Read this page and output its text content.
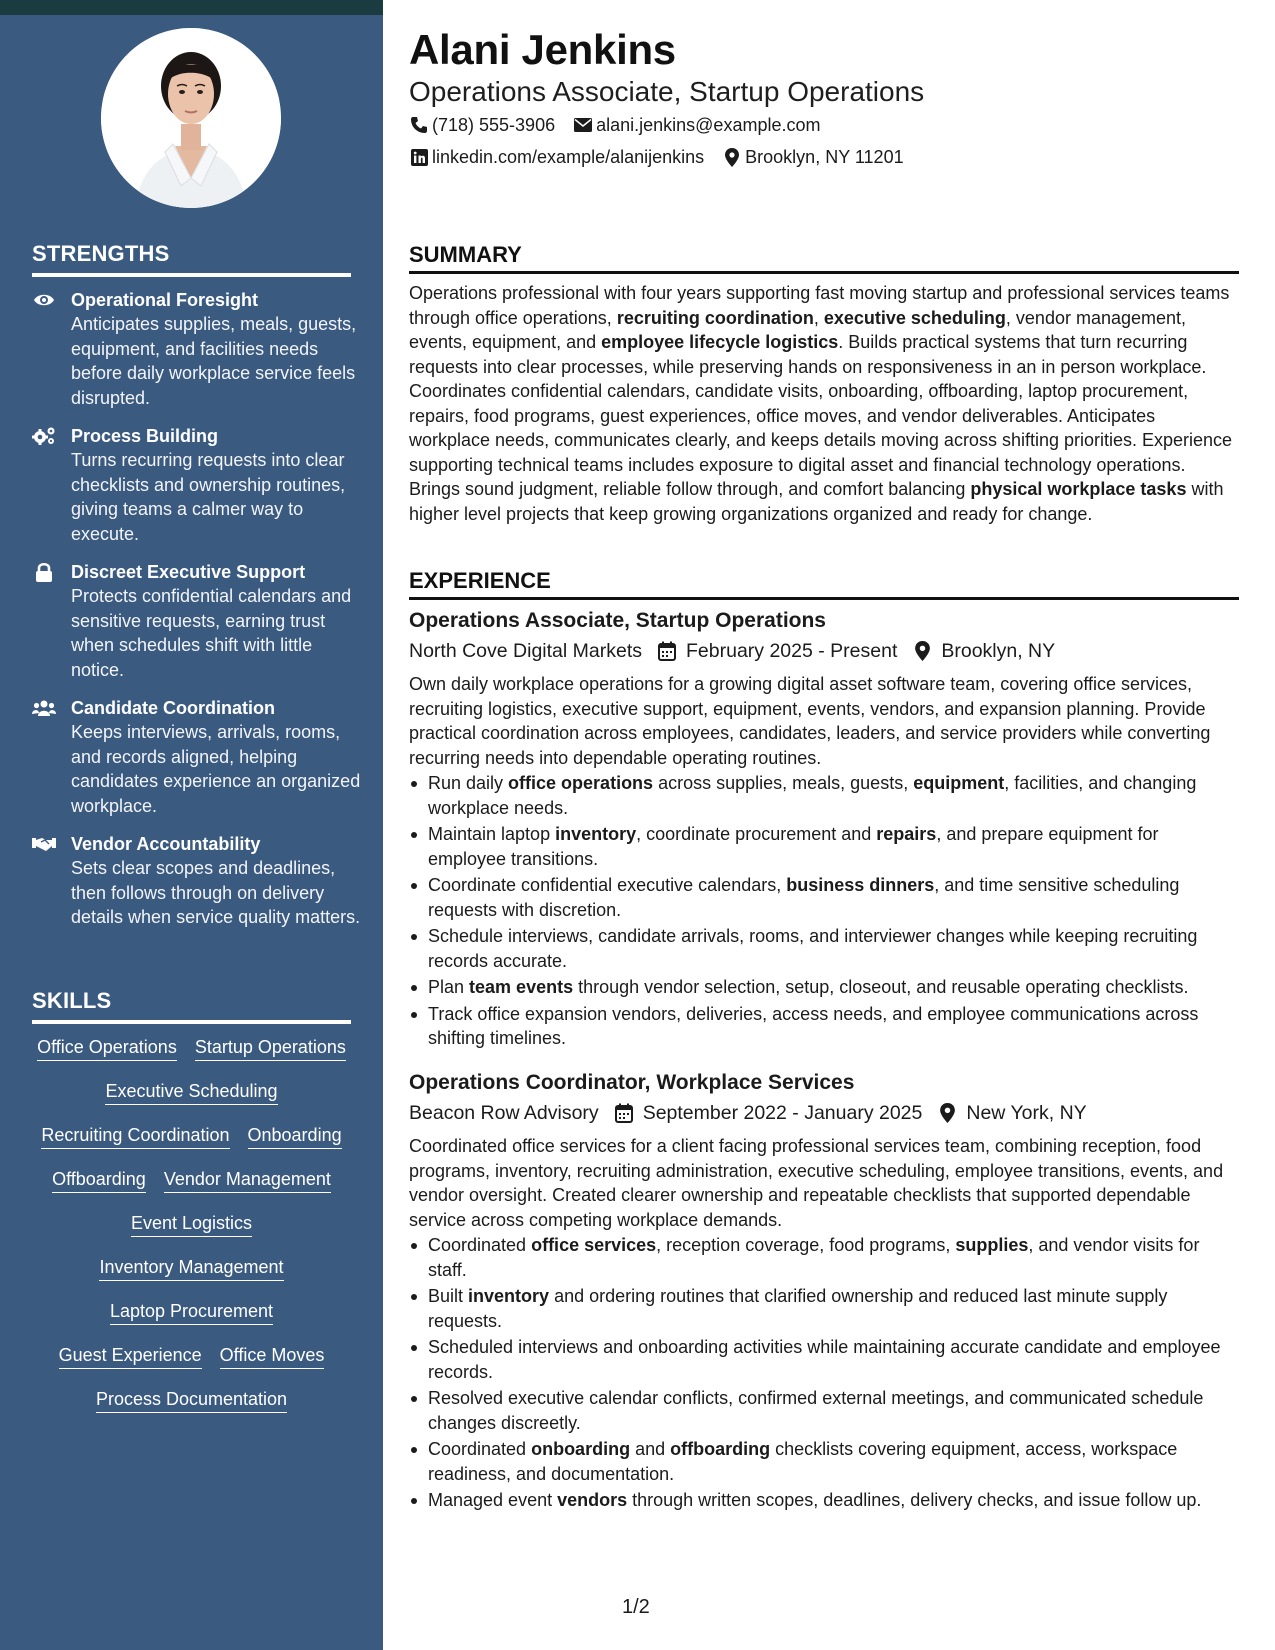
STRENGTHS
Operational Foresight
Anticipates supplies, meals, guests, equipment, and facilities needs before daily workplace service feels disrupted.
Process Building
Turns recurring requests into clear checklists and ownership routines, giving teams a calmer way to execute.
Discreet Executive Support
Protects confidential calendars and sensitive requests, earning trust when schedules shift with little notice.
Candidate Coordination
Keeps interviews, arrivals, rooms, and records aligned, helping candidates experience an organized workplace.
Vendor Accountability
Sets clear scopes and deadlines, then follows through on delivery details when service quality matters.
SKILLS
Office Operations Startup Operations
Executive Scheduling
Recruiting Coordination Onboarding
Offboarding Vendor Management
Event Logistics
Inventory Management
Laptop Procurement
Guest Experience Office Moves
Process Documentation
Alani Jenkins
Operations Associate, Startup Operations
(718) 555-3906 alani.jenkins@example.com
linkedin.com/example/alanijenkins Brooklyn, NY 11201
SUMMARY
Operations professional with four years supporting fast moving startup and professional services teams through office operations, recruiting coordination, executive scheduling, vendor management, events, equipment, and employee lifecycle logistics. Builds practical systems that turn recurring requests into clear processes, while preserving hands on responsiveness in an in person workplace. Coordinates confidential calendars, candidate visits, onboarding, offboarding, laptop procurement, repairs, food programs, guest experiences, office moves, and vendor deliverables. Anticipates workplace needs, communicates clearly, and keeps details moving across shifting priorities. Experience supporting technical teams includes exposure to digital asset and financial technology operations. Brings sound judgment, reliable follow through, and comfort balancing physical workplace tasks with higher level projects that keep growing organizations organized and ready for change.
EXPERIENCE
Operations Associate, Startup Operations
North Cove Digital Markets February 2025 - Present Brooklyn, NY
Own daily workplace operations for a growing digital asset software team, covering office services, recruiting logistics, executive support, equipment, events, vendors, and expansion planning. Provide practical coordination across employees, candidates, leaders, and service providers while converting recurring needs into dependable operating routines.
Run daily office operations across supplies, meals, guests, equipment, facilities, and changing workplace needs.
Maintain laptop inventory, coordinate procurement and repairs, and prepare equipment for employee transitions.
Coordinate confidential executive calendars, business dinners, and time sensitive scheduling requests with discretion.
Schedule interviews, candidate arrivals, rooms, and interviewer changes while keeping recruiting records accurate.
Plan team events through vendor selection, setup, closeout, and reusable operating checklists.
Track office expansion vendors, deliveries, access needs, and employee communications across shifting timelines.
Operations Coordinator, Workplace Services
Beacon Row Advisory September 2022 - January 2025 New York, NY
Coordinated office services for a client facing professional services team, combining reception, food programs, inventory, recruiting administration, executive scheduling, employee transitions, events, and vendor oversight. Created clearer ownership and repeatable checklists that supported dependable service across competing workplace demands.
Coordinated office services, reception coverage, food programs, supplies, and vendor visits for staff.
Built inventory and ordering routines that clarified ownership and reduced last minute supply requests.
Scheduled interviews and onboarding activities while maintaining accurate candidate and employee records.
Resolved executive calendar conflicts, confirmed external meetings, and communicated schedule changes discreetly.
Coordinated onboarding and offboarding checklists covering equipment, access, workspace readiness, and documentation.
Managed event vendors through written scopes, deadlines, delivery checks, and issue follow up.
1/2
